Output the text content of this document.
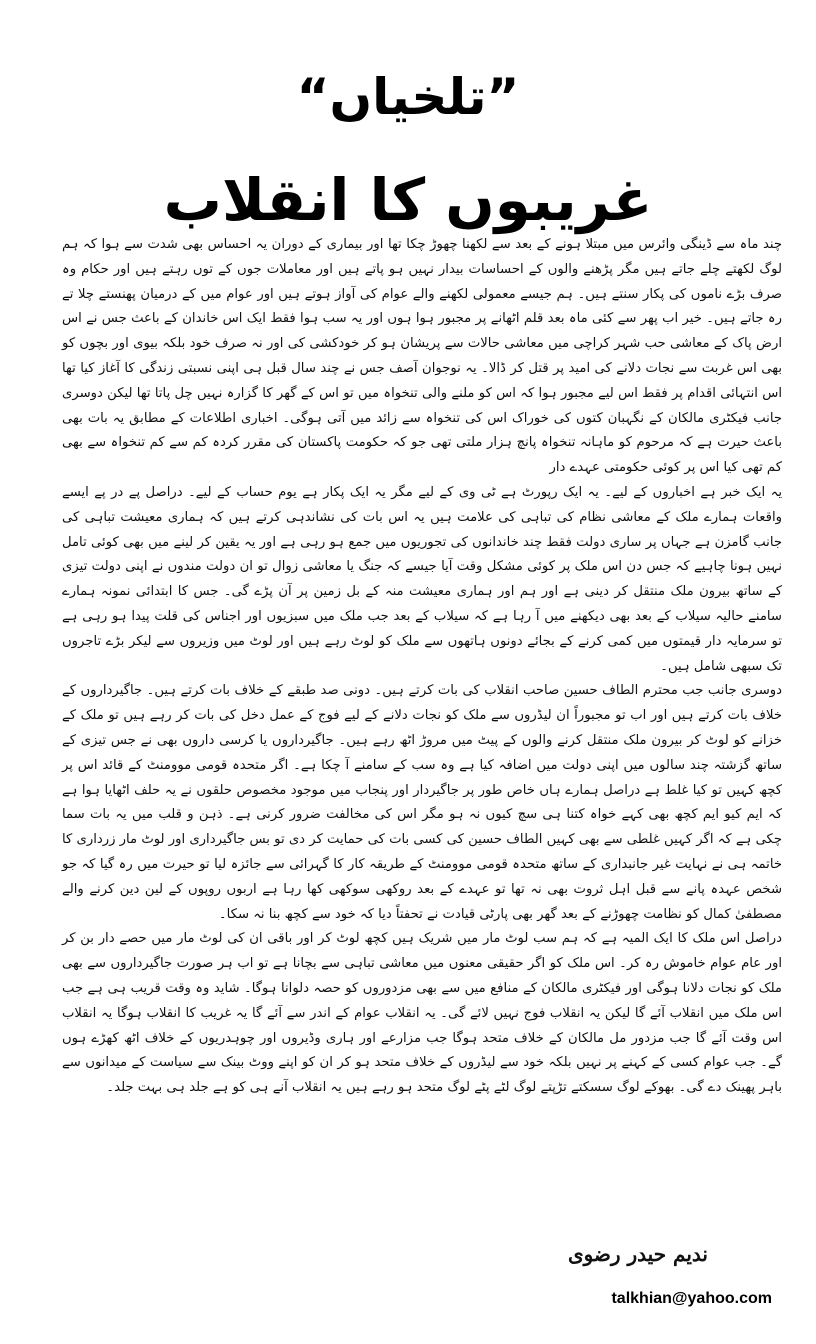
”تلخیاں“
غریبوں کا انقلاب

چند ماہ سے ڈینگی وائرس میں مبتلا ہونے کے بعد سے لکھنا چھوڑ چکا تھا اور بیماری کے دوران یہ احساس بھی شدت سے ہوا کہ ہم لوگ لکھتے چلے جاتے ہیں مگر پڑھنے والوں کے احساسات بیدار نہیں ہو پاتے ہیں اور معاملات جوں کے توں رہتے ہیں اور حکام وہ صرف بڑے ناموں کی پکار سنتے ہیں۔ ہم جیسے معمولی لکھنے والے عوام کی آواز ہوتے ہیں اور عوام میں کے درمیان پھنستے چلا تے رہ جاتے ہیں۔ خیر اب پھر سے کئی ماہ بعد قلم اٹھانے پر مجبور ہوا ہوں اور یہ سب ہوا فقط ایک اس خاندان کے باعث جس نے اس ارض پاک کے معاشی حب شہر کراچی میں معاشی حالات سے پریشان ہو کر خودکشی کی اور نہ صرف خود بلکہ بیوی اور بچوں کو بھی اس غربت سے نجات دلانے کی امید پر قتل کر ڈالا۔ یہ نوجوان آصف جس نے چند سال قبل ہی اپنی نسبتی زندگی کا آغاز کیا تھا اس انتہائی اقدام پر فقط اس لیے مجبور ہوا کہ اس کو ملنے والی تنخواہ میں تو اس کے گھر کا گزارہ نہیں چل پاتا تھا لیکن دوسری جانب فیکٹری مالکان کے نگہبان کتوں کی خوراک اس کی تنخواہ سے زائد میں آتی ہوگی۔ اخباری اطلاعات کے مطابق یہ بات بھی باعث حیرت ہے کہ مرحوم کو ماہانہ تنخواہ پانچ ہزار ملتی تھی جو کہ حکومت پاکستان کی مقرر کردہ کم سے کم تنخواہ سے بھی کم تھی کیا اس پر کوئی حکومتی عہدے دار

یہ ایک خبر ہے اخباروں کے لیے۔ یہ ایک رپورٹ ہے ٹی وی کے لیے مگر یہ ایک پکار ہے یوم حساب کے لیے۔ دراصل پے در پے ایسے واقعات ہمارے ملک کے معاشی نظام کی تباہی کی علامت ہیں یہ اس بات کی نشاندہی کرتے ہیں کہ ہماری معیشت تباہی کی جانب گامزن ہے جہاں پر ساری دولت فقط چند خاندانوں کی تجوریوں میں جمع ہو رہی ہے اور یہ یقین کر لینے میں بھی کوئی تامل نہیں ہونا چاہیے کہ جس دن اس ملک پر کوئی مشکل وقت آیا جیسے کہ جنگ یا معاشی زوال تو ان دولت مندوں نے اپنی دولت تیزی کے ساتھ بیرون ملک منتقل کر دینی ہے اور ہم اور ہماری معیشت منہ کے بل زمین پر آن پڑے گی۔ جس کا ابتدائی نمونہ ہمارے سامنے حالیہ سیلاب کے بعد بھی دیکھنے میں آ رہا ہے کہ سیلاب کے بعد جب ملک میں سبزیوں اور اجناس کی قلت پیدا ہو رہی ہے تو سرمایہ دار قیمتوں میں کمی کرنے کے بجائے دونوں ہاتھوں سے ملک کو لوٹ رہے ہیں اور لوٹ میں وزیروں سے لیکر بڑے تاجروں تک سبھی شامل ہیں۔

دوسری جانب جب محترم الطاف حسین صاحب انقلاب کی بات کرتے ہیں۔ دونی صد طبقے کے خلاف بات کرتے ہیں۔ جاگیرداروں کے خلاف بات کرتے ہیں اور اب تو مجبوراً ان لیڈروں سے ملک کو نجات دلانے کے لیے فوج کے عمل دخل کی بات کر رہے ہیں تو ملک کے خزانے کو لوٹ کر بیرون ملک منتقل کرنے والوں کے پیٹ میں مروڑ اٹھ رہے ہیں۔ جاگیرداروں یا کرسی داروں بھی نے جس تیزی کے ساتھ گزشتہ چند سالوں میں اپنی دولت میں اضافہ کیا ہے وہ سب کے سامنے آ چکا ہے۔ اگر متحدہ قومی موومنٹ کے قائد اس پر کچھ کہیں تو کیا غلط ہے دراصل ہمارے ہاں خاص طور پر جاگیردار اور پنجاب میں موجود مخصوص حلقوں نے یہ حلف اٹھایا ہوا ہے کہ ایم کیو ایم کچھ بھی کہے خواہ کتنا ہی سچ کیوں نہ ہو مگر اس کی مخالفت ضرور کرنی ہے۔ ذہن و قلب میں یہ بات سما چکی ہے کہ اگر کہیں غلطی سے بھی کہیں الطاف حسین کی کسی بات کی حمایت کر دی تو بس جاگیرداری اور لوٹ مار زرداری کا خاتمہ ہی نے نہایت غیر جانبداری کے ساتھ متحدہ قومی موومنٹ کے طریقہ کار کا گہرائی سے جائزہ لیا تو حیرت میں رہ گیا کہ جو شخص عہدہ پانے سے قبل اہل ثروت بھی نہ تھا تو عہدے کے بعد روکھی سوکھی کھا رہا ہے اربوں روپوں کے لین دین کرنے والے مصطفیٰ کمال کو نظامت چھوڑنے کے بعد گھر بھی پارٹی قیادت نے تحفتاً دیا کہ خود سے کچھ بنا نہ سکا۔

دراصل اس ملک کا ایک المیہ ہے کہ ہم سب لوٹ مار میں شریک ہیں کچھ لوٹ کر اور باقی ان کی لوٹ مار میں حصے دار بن کر اور عام عوام خاموش رہ کر۔ اس ملک کو اگر حقیقی معنوں میں معاشی تباہی سے بچانا ہے تو اب ہر صورت جاگیرداروں سے بھی ملک کو نجات دلانا ہوگی اور فیکٹری مالکان کے منافع میں سے بھی مزدوروں کو حصہ دلوانا ہوگا۔ شاید وہ وقت قریب ہی ہے جب اس ملک میں انقلاب آئے گا لیکن یہ انقلاب فوج نہیں لائے گی۔ یہ انقلاب عوام کے اندر سے آئے گا یہ غریب کا انقلاب ہوگا یہ انقلاب اس وقت آئے گا جب مزدور مل مالکان کے خلاف متحد ہوگا جب مزارعے اور ہاری وڈیروں اور چوہدریوں کے خلاف اٹھ کھڑے ہوں گے۔ جب عوام کسی کے کہنے پر نہیں بلکہ خود سے لیڈروں کے خلاف متحد ہو کر ان کو اپنے ووٹ بینک سے سیاست کے میدانوں سے باہر پھینک دے گی۔ بھوکے لوگ سسکتے تڑپتے لوگ لٹے پٹے لوگ متحد ہو رہے ہیں یہ انقلاب آنے ہی کو ہے جلد ہی بہت جلد۔

ندیم حیدر رضوی
talkhian@yahoo.com
